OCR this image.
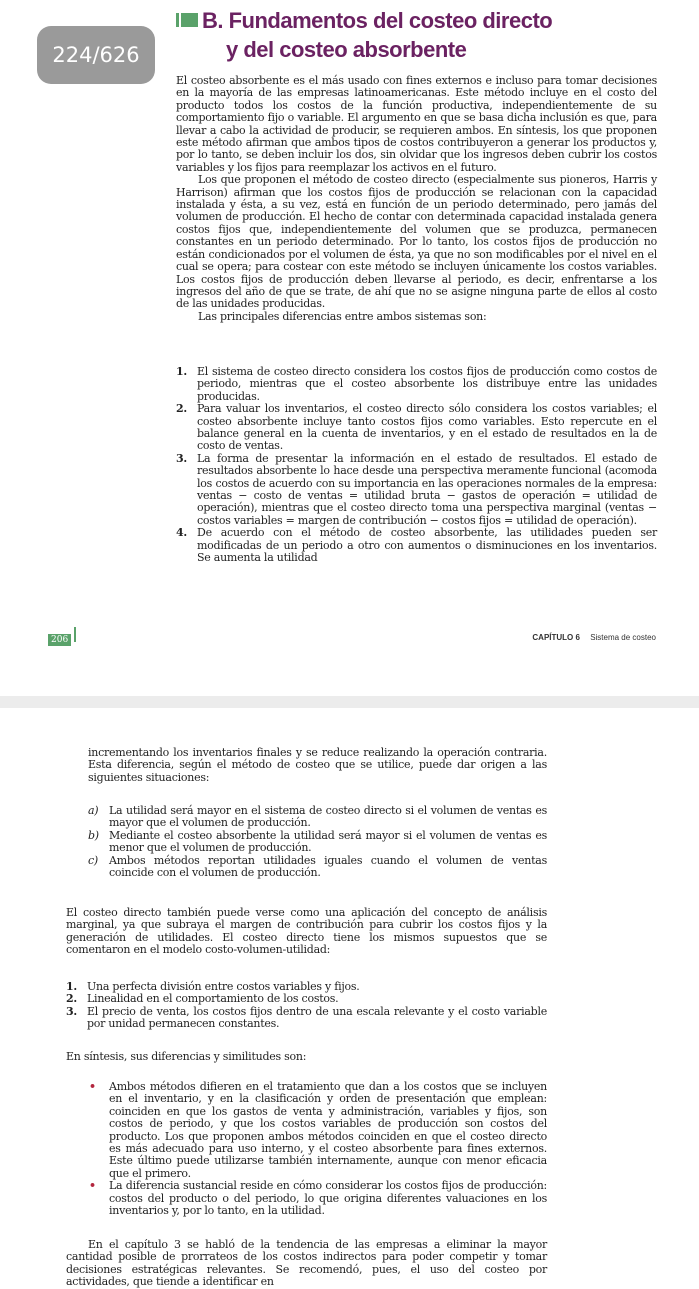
224/626
B. Fundamentos del costeo directo
y del costeo absorbente

El costeo absorbente es el más usado con fines externos e incluso para tomar decisiones en la mayoría de las empresas latinoamericanas. Este método incluye en el costo del producto todos los costos de la función productiva, independientemente de su comportamiento fijo o variable. El argumento en que se basa dicha inclusión es que, para llevar a cabo la actividad de producir, se requieren ambos. En síntesis, los que proponen este método afirman que ambos tipos de costos contribuyeron a generar los productos y, por lo tanto, se deben incluir los dos, sin olvidar que los ingresos deben cubrir los costos variables y los fijos para reemplazar los activos en el futuro.

Los que proponen el método de costeo directo (especialmente sus pioneros, Harris y Harrison) afirman que los costos fijos de producción se relacionan con la capacidad instalada y ésta, a su vez, está en función de un periodo determinado, pero jamás del volumen de producción. El hecho de contar con determinada capacidad instalada genera costos fijos que, independientemente del volumen que se produzca, permanecen constantes en un periodo determinado. Por lo tanto, los costos fijos de producción no están condicionados por el volumen de ésta, ya que no son modificables por el nivel en el cual se opera; para costear con este método se incluyen únicamente los costos variables. Los costos fijos de producción deben llevarse al periodo, es decir, enfrentarse a los ingresos del año de que se trate, de ahí que no se asigne ninguna parte de ellos al costo de las unidades producidas.

Las principales diferencias entre ambos sistemas son:

1. El sistema de costeo directo considera los costos fijos de producción como costos de periodo, mientras que el costeo absorbente los distribuye entre las unidades producidas.
2. Para valuar los inventarios, el costeo directo sólo considera los costos variables; el costeo absorbente incluye tanto costos fijos como variables. Esto repercute en el balance general en la cuenta de inventarios, y en el estado de resultados en la de costo de ventas.
3. La forma de presentar la información en el estado de resultados. El estado de resultados absorbente lo hace desde una perspectiva meramente funcional (acomoda los costos de acuerdo con su importancia en las operaciones normales de la empresa: ventas − costo de ventas = utilidad bruta − gastos de operación = utilidad de operación), mientras que el costeo directo toma una perspectiva marginal (ventas − costos variables = margen de contribución − costos fijos = utilidad de operación).
4. De acuerdo con el método de costeo absorbente, las utilidades pueden ser modificadas de un periodo a otro con aumentos o disminuciones en los inventarios. Se aumenta la utilidad
206	CAPÍTULO 6 Sistema de costeo

incrementando los inventarios finales y se reduce realizando la operación contraria. Esta diferencia, según el método de costeo que se utilice, puede dar origen a las siguientes situaciones:

a) La utilidad será mayor en el sistema de costeo directo si el volumen de ventas es mayor que el volumen de producción.
b) Mediante el costeo absorbente la utilidad será mayor si el volumen de ventas es menor que el volumen de producción.
c) Ambos métodos reportan utilidades iguales cuando el volumen de ventas coincide con el volumen de producción.

El costeo directo también puede verse como una aplicación del concepto de análisis marginal, ya que subraya el margen de contribución para cubrir los costos fijos y la generación de utilidades. El costeo directo tiene los mismos supuestos que se comentaron en el modelo costo-volumen-utilidad:

1. Una perfecta división entre costos variables y fijos.
2. Linealidad en el comportamiento de los costos.
3. El precio de venta, los costos fijos dentro de una escala relevante y el costo variable por unidad permanecen constantes.

En síntesis, sus diferencias y similitudes son:

• Ambos métodos difieren en el tratamiento que dan a los costos que se incluyen en el inventario, y en la clasificación y orden de presentación que emplean: coinciden en que los gastos de venta y administración, variables y fijos, son costos de periodo, y que los costos variables de producción son costos del producto. Los que proponen ambos métodos coinciden en que el costeo directo es más adecuado para uso interno, y el costeo absorbente para fines externos. Este último puede utilizarse también internamente, aunque con menor eficacia que el primero.
• La diferencia sustancial reside en cómo considerar los costos fijos de producción: costos del producto o del periodo, lo que origina diferentes valuaciones en los inventarios y, por lo tanto, en la utilidad.

En el capítulo 3 se habló de la tendencia de las empresas a eliminar la mayor cantidad posible de prorrateos de los costos indirectos para poder competir y tomar decisiones estratégicas relevantes. Se recomendó, pues, el uso del costeo por actividades, que tiende a identificar en
